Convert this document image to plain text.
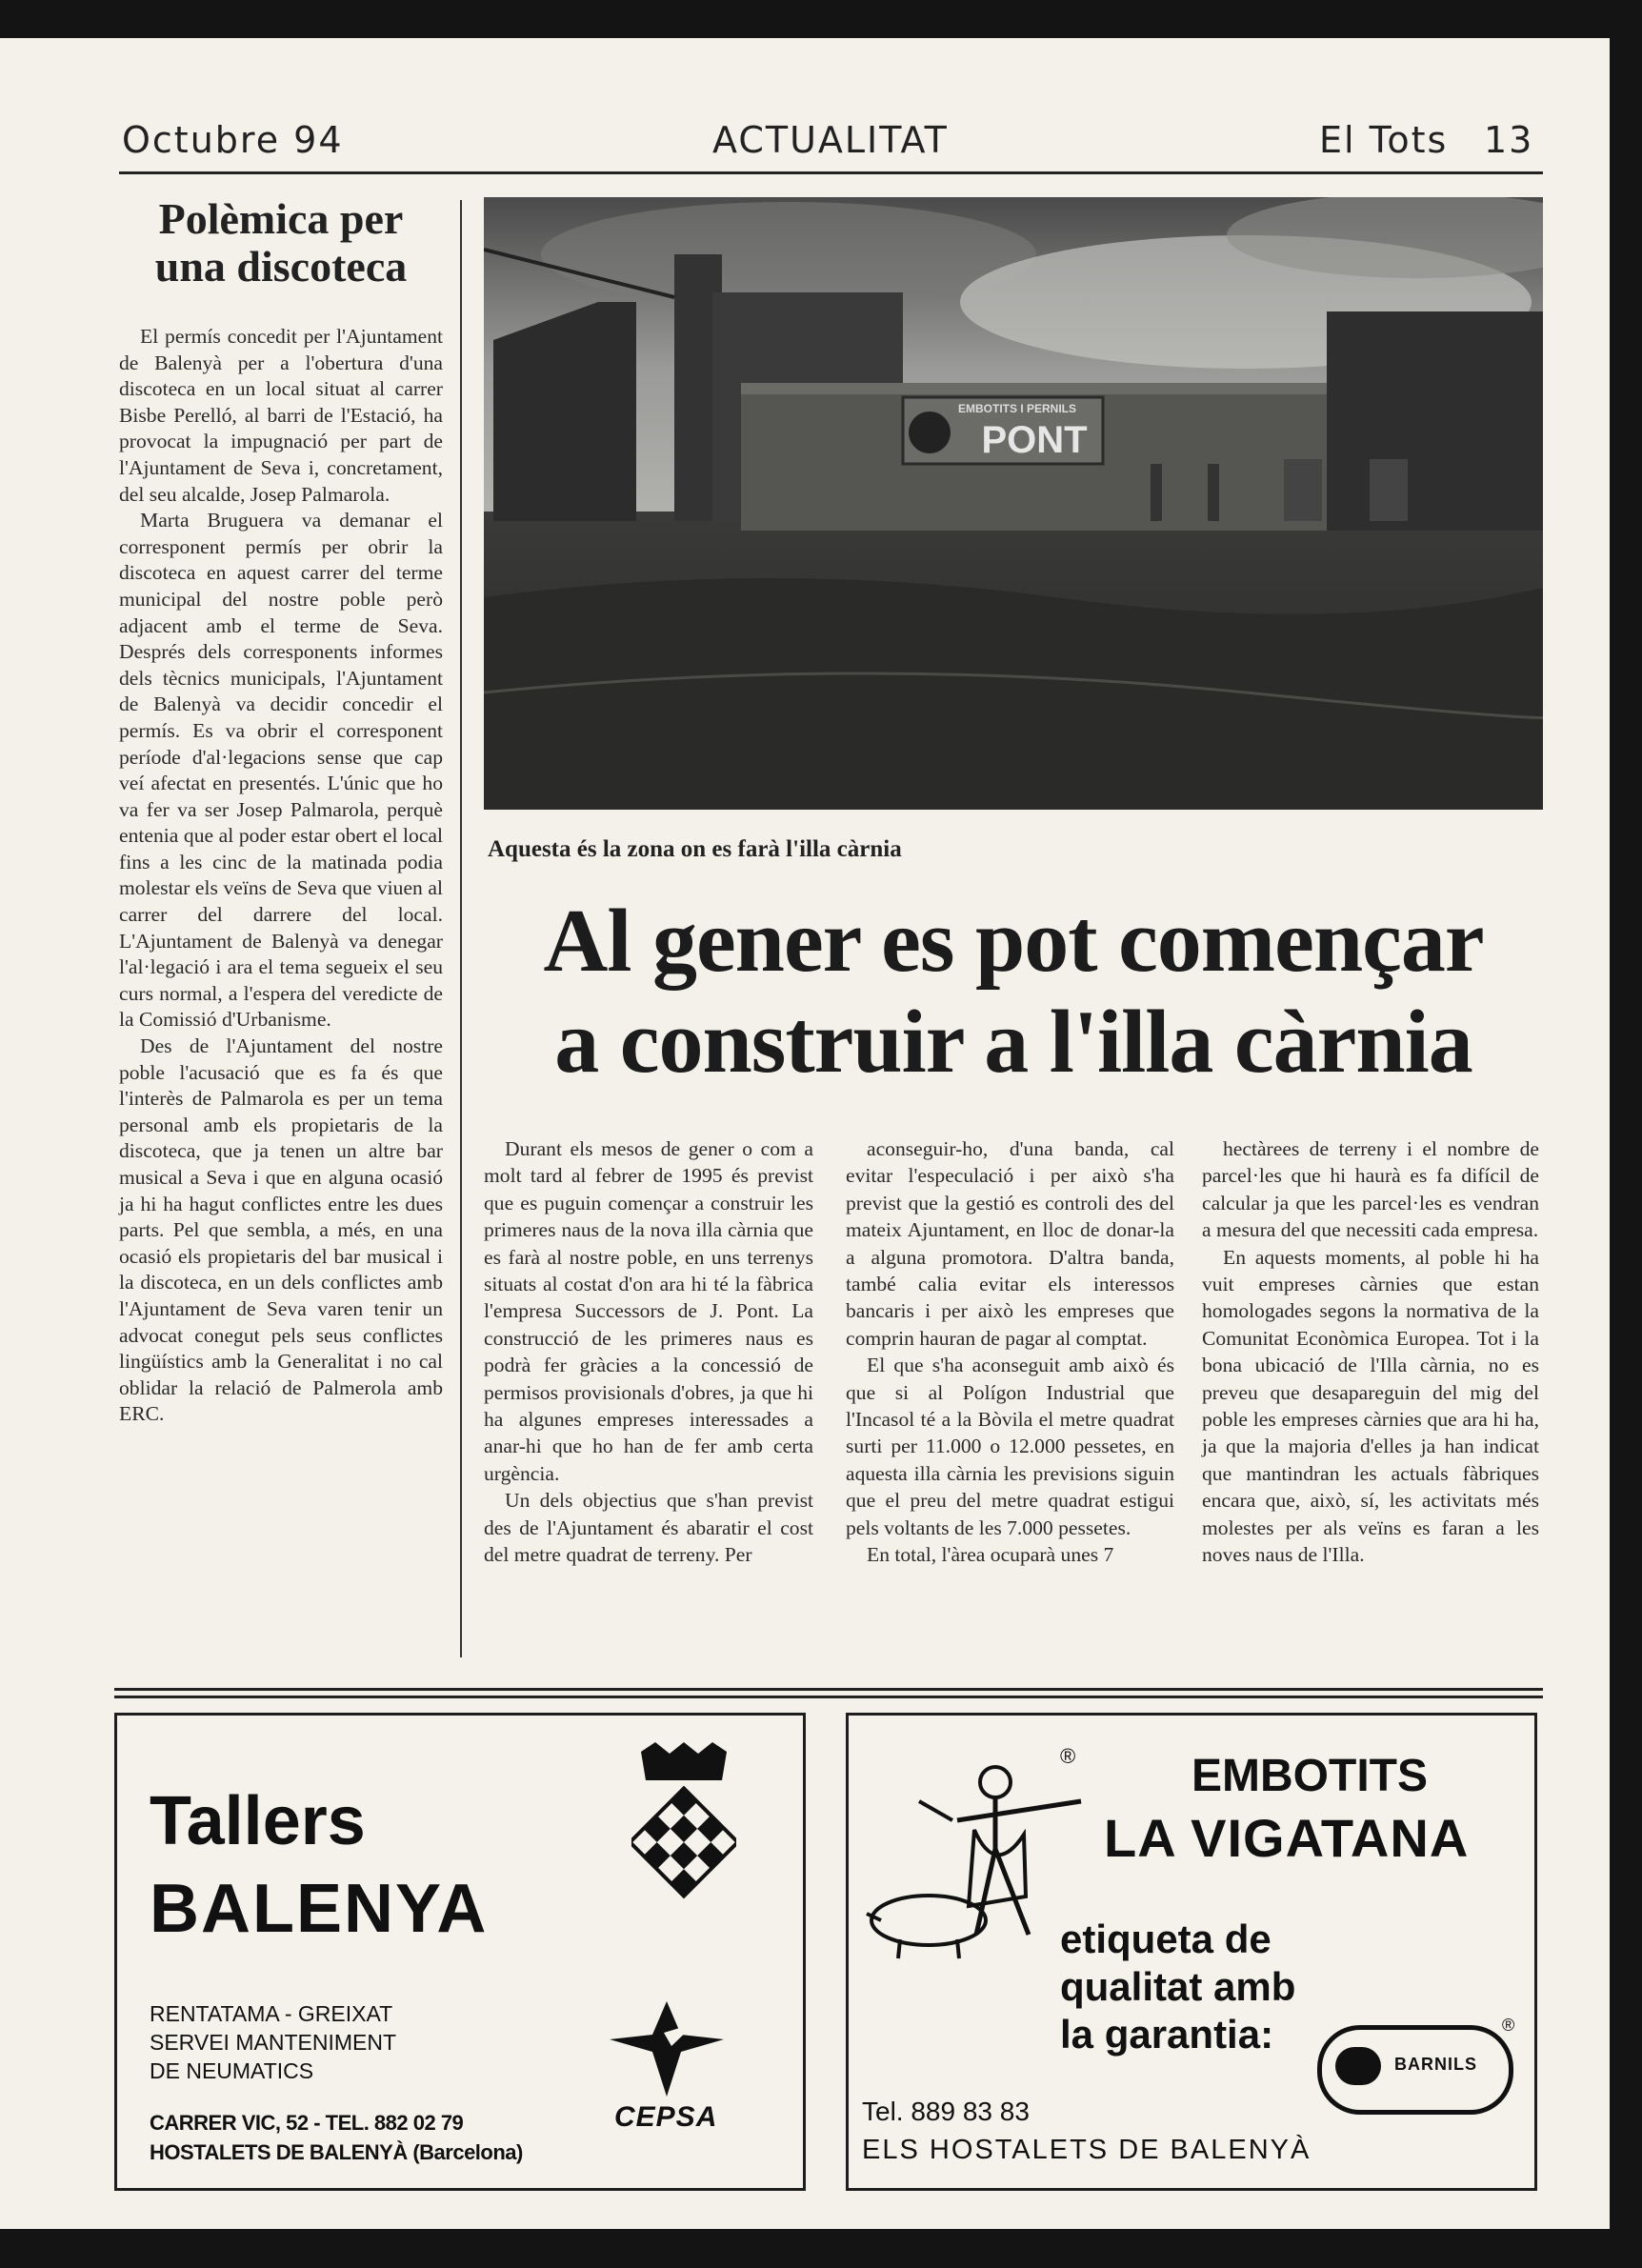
Octubre 94	ACTUALITAT	El Tots 13
Polèmica per
una discoteca

El permís concedit per l'Ajuntament de Balenyà per a l'obertura d'una discoteca en un local situat al carrer Bisbe Perelló, al barri de l'Estació, ha provocat la impugnació per part de l'Ajuntament de Seva i, concretament, del seu alcalde, Josep Palmarola.

Marta Bruguera va demanar el corresponent permís per obrir la discoteca en aquest carrer del terme municipal del nostre poble però adjacent amb el terme de Seva. Després dels corresponents informes dels tècnics municipals, l'Ajuntament de Balenyà va decidir concedir el permís. Es va obrir el corresponent període d'al·legacions sense que cap veí afectat en presentés. L'únic que ho va fer va ser Josep Palmarola, perquè entenia que al poder estar obert el local fins a les cinc de la matinada podia molestar els veïns de Seva que viuen al carrer del darrere del local. L'Ajuntament de Balenyà va denegar l'al·legació i ara el tema segueix el seu curs normal, a l'espera del veredicte de la Comissió d'Urbanisme.

Des de l'Ajuntament del nostre poble l'acusació que es fa és que l'interès de Palmarola es per un tema personal amb els propietaris de la discoteca, que ja tenen un altre bar musical a Seva i que en alguna ocasió ja hi ha hagut conflictes entre les dues parts. Pel que sembla, a més, en una ocasió els propietaris del bar musical i la discoteca, en un dels conflictes amb l'Ajuntament de Seva varen tenir un advocat conegut pels seus conflictes lingüístics amb la Generalitat i no cal oblidar la relació de Palmerola amb ERC.

EMBOTITS I PERNILS
PONT
Aquesta és la zona on es farà l'illa càrnia
Al gener es pot començar
a construir a l'illa càrnia

Durant els mesos de gener o com a molt tard al febrer de 1995 és previst que es puguin començar a construir les primeres naus de la nova illa càrnia que es farà al nostre poble, en uns terrenys situats al costat d'on ara hi té la fàbrica l'empresa Successors de J. Pont. La construcció de les primeres naus es podrà fer gràcies a la concessió de permisos provisionals d'obres, ja que hi ha algunes empreses interessades a anar-hi que ho han de fer amb certa urgència.

Un dels objectius que s'han previst des de l'Ajuntament és abaratir el cost del metre quadrat de terreny. Per

aconseguir-ho, d'una banda, cal evitar l'especulació i per això s'ha previst que la gestió es controli des del mateix Ajuntament, en lloc de donar-la a alguna promotora. D'altra banda, també calia evitar els interessos bancaris i per això les empreses que comprin hauran de pagar al comptat.

El que s'ha aconseguit amb això és que si al Polígon Industrial que l'Incasol té a la Bòvila el metre quadrat surti per 11.000 o 12.000 pessetes, en aquesta illa càrnia les previsions siguin que el preu del metre quadrat estigui pels voltants de les 7.000 pessetes.

En total, l'àrea ocuparà unes 7

hectàrees de terreny i el nombre de parcel·les que hi haurà es fa difícil de calcular ja que les parcel·les es vendran a mesura del que necessiti cada empresa.

En aquests moments, al poble hi ha vuit empreses càrnies que estan homologades segons la normativa de la Comunitat Econòmica Europea. Tot i la bona ubicació de l'Illa càrnia, no es preveu que desapareguin del mig del poble les empreses càrnies que ara hi ha, ja que la majoria d'elles ja han indicat que mantindran les actuals fàbriques encara que, això, sí, les activitats més molestes per als veïns es faran a les noves naus de l'Illa.

Tallers
BALENYA
RENTATAMA - GREIXAT
SERVEI MANTENIMENT
DE NEUMATICS
CARRER VIC, 52 - TEL. 882 02 79
HOSTALETS DE BALENYÀ (Barcelona)
CEPSA
®	EMBOTITS
LA VIGATANA
etiqueta de
qualitat amb
la garantia:
BARNILS
®
Tel. 889 83 83
ELS HOSTALETS DE BALENYÀ
